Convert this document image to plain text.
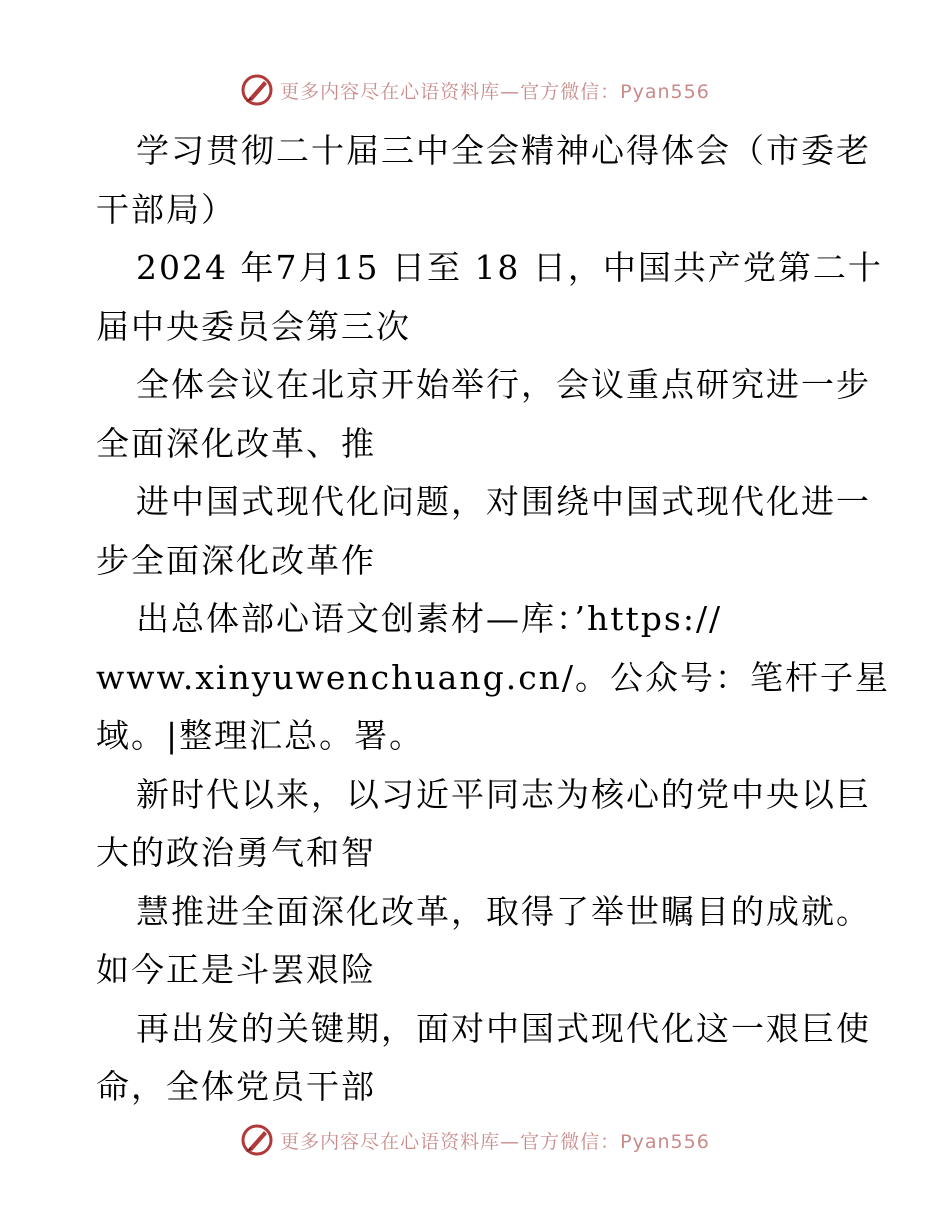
更多内容尽在心语资料库—官方微信：Pyan556
学习贯彻二十届三中全会精神心得体会（市委老
干部局）
2024 年7月15 日至 18 日，中国共产党第二十
届中央委员会第三次
全体会议在北京开始举行，会议重点研究进一步
全面深化改革、推
进中国式现代化问题，对围绕中国式现代化进一
步全面深化改革作
出总体部心语文创素材—库：’https://
www.xinyuwenchuang.cn/。公众号：笔杆子星
域。|整理汇总。署。
新时代以来，以习近平同志为核心的党中央以巨
大的政治勇气和智
慧推进全面深化改革，取得了举世瞩目的成就。
如今正是斗罢艰险
再出发的关键期，面对中国式现代化这一艰巨使
命，全体党员干部
更多内容尽在心语资料库—官方微信：Pyan556
